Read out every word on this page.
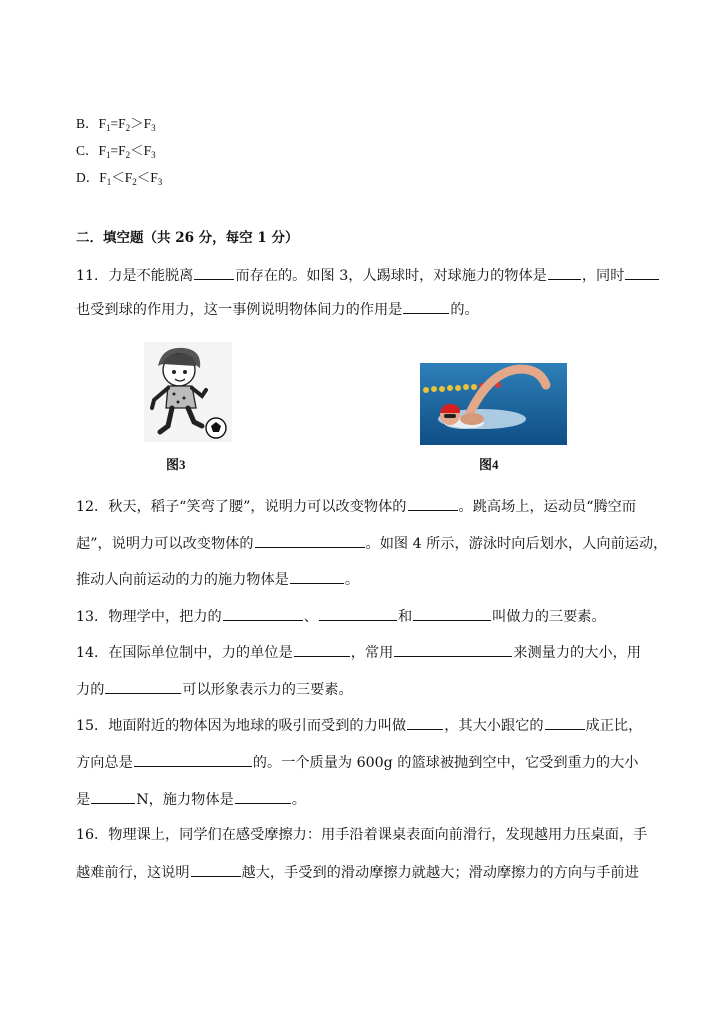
B．$F_1=F_2>F_3$
C．$F_1=F_2<F_3$
D．$F_1<F_2<F_3$
二．填空题（共 26 分，每空 1 分）
11．力是不能脱离	而存在的。如图 3，人踢球时，对球施力的物体是 ，同时
也受到球的作用力，这一事例说明物体间力的作用是	的。
图3	图4
12．秋天，稻子“笑弯了腰”，说明力可以改变物体的	。跳高场上，运动员“腾空而
起”，说明力可以改变物体的	。如图 4 所示，游泳时向后划水，人向前运动，
推动人向前运动的力的施力物体是	。
13．物理学中，把力的	、	和	叫做力的三要素。
14．在国际单位制中，力的单位是	，常用	来测量力的大小，用
力的	可以形象表示力的三要素。
15．地面附近的物体因为地球的吸引而受到的力叫做	，其大小跟它的	成正比，
方向总是	的。一个质量为 600g 的篮球被抛到空中，它受到重力的大小
是	N，施力物体是	。
16．物理课上，同学们在感受摩擦力：用手沿着课桌表面向前滑行，发现越用力压桌面，手
越难前行，这说明	越大，手受到的滑动摩擦力就越大；滑动摩擦力的方向与手前进
